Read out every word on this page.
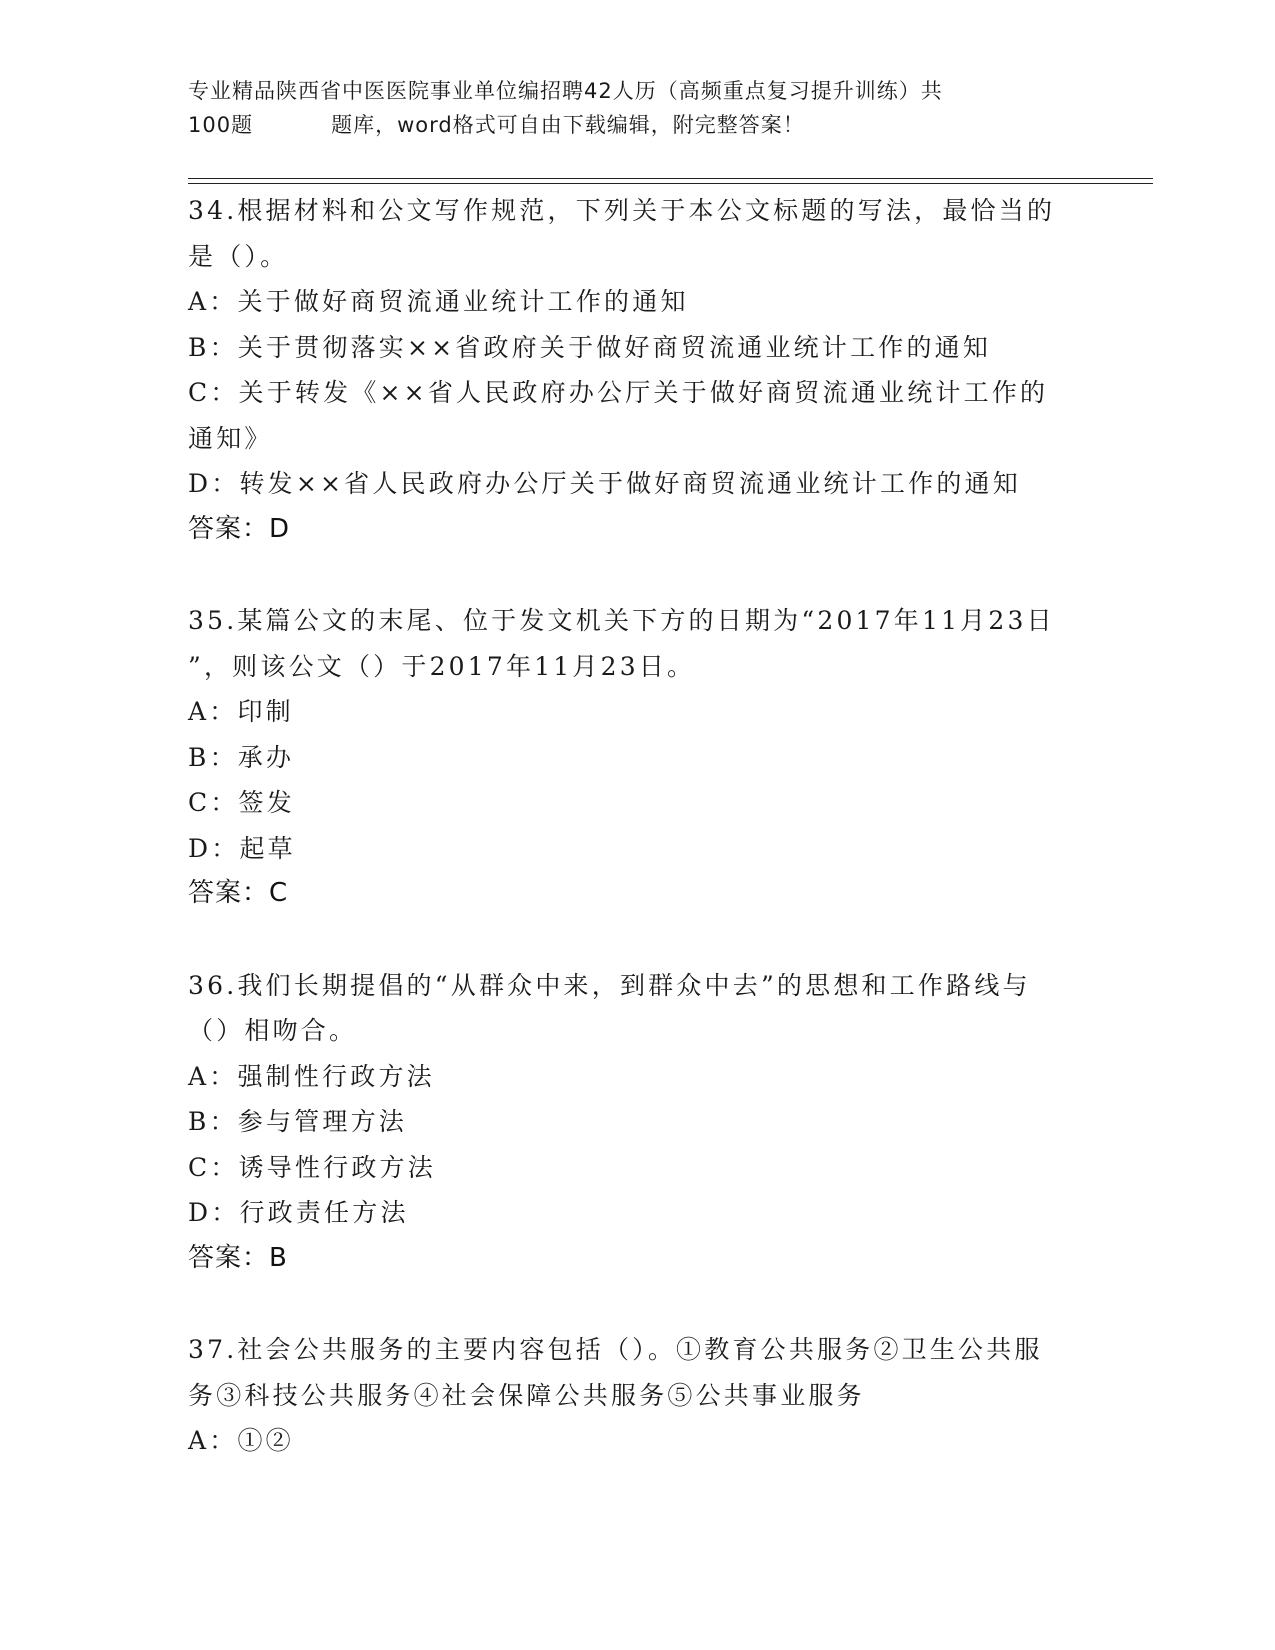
专业精品陕西省中医医院事业单位编招聘42人历（高频重点复习提升训练）共
100题	题库，word格式可自由下载编辑，附完整答案！
34.根据材料和公文写作规范，下列关于本公文标题的写法，最恰当的
是（）。
A：关于做好商贸流通业统计工作的通知
B：关于贯彻落实××省政府关于做好商贸流通业统计工作的通知
C：关于转发《××省人民政府办公厅关于做好商贸流通业统计工作的
通知》
D：转发××省人民政府办公厅关于做好商贸流通业统计工作的通知
答案：D
35.某篇公文的末尾、位于发文机关下方的日期为“2017年11月23日
”，则该公文（）于2017年11月23日。
A：印制
B：承办
C：签发
D：起草
答案：C
36.我们长期提倡的“从群众中来，到群众中去”的思想和工作路线与
（）相吻合。
A：强制性行政方法
B：参与管理方法
C：诱导性行政方法
D：行政责任方法
答案：B
37.社会公共服务的主要内容包括（）。①教育公共服务②卫生公共服
务③科技公共服务④社会保障公共服务⑤公共事业服务
A：①②
